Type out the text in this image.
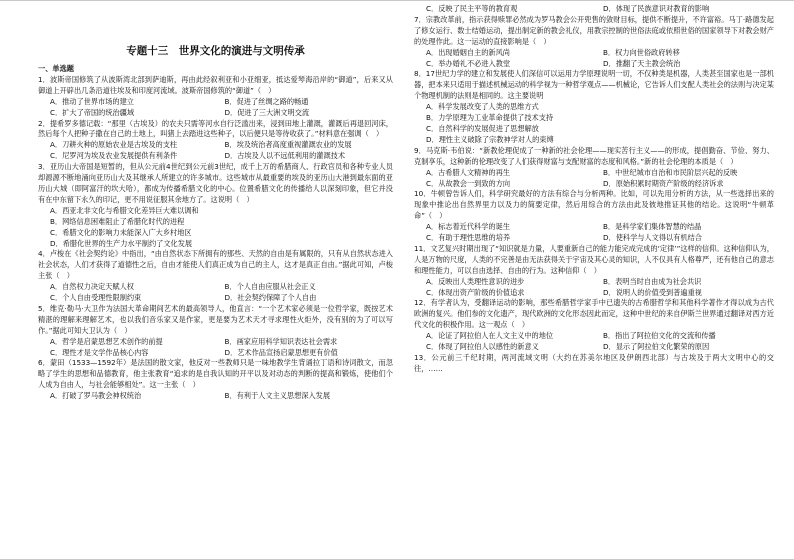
专题十三　世界文化的演进与文明传承
一、单选题

1．波斯帝国修筑了从波斯湾北部到萨迪斯，再由此经叙利亚和小亚细亚，抵达爱琴海沿岸的“御道”，后来又从御道上开辟出几条沿道往埃及和印度河流域。波斯帝国修筑的“御道”（　）

A．推动了世界市场的建立	B．促进了丝绸之路的畅通
C．扩大了帝国的统治疆域	D．促进了三大洲文明交流

2．提希罗多德记载：“那里（古埃及）的农夫只需等河水自行泛滥出来，浸到田地上灌溉，灌溉后再退回河床，然后每个人把种子撒在自己的土地上，叫猪上去踏进这些种子，以后便只是等待收获了。”材料意在强调（　）

A．刀耕火种的原始农业是古埃及的支柱	B．埃及统治者高度重视灌溉农业的发展
C．尼罗河为埃及农业发展提供有利条件	D．古埃及人以不远低利用的灌溉技术

3．亚历山大帝国是短暂的，但从公元前4世纪到公元前3世纪，成千上万的希腊商人、行政官员和各种专业人员却源源不断地涌向亚历山大及其继承人所建立的许多城市。这些城市从最重要的埃及的亚历山大港到最东面的亚历山大城（即阿富汗的坎大哈），都成为传播希腊文化的中心。位置希腊文化的传播给人以深刻印象，但它并没有在中东留下永久的印记，更不用说征服其余地方了。这说明（　）

A．西亚北非文化与希腊文化差异巨大难以调和
B．网络信息困难阻止了希腊化时代的进程
C．希腊文化的影响力未能深入广大乡村地区
D．希腊化世界的生产力水平制约了文化发展

4．卢梭在《社会契约论》中指出，“由自然状态下所拥有的那些、天然的自由是有属限的，只有从自然状态进入社会状态，人们才获得了道德性之后，自由才能使人们真正成为自己的主人，这才是真正自由。”据此可知，卢梭主张（　）

A．自然权力决定天赋人权	B．个人自由应服从社会正义
C．个人自由受理性限制约束	D．社会契约保障了个人自由

5．维克·勒马·大卫作为法国大革命期间艺术的最高领导人，他直言：“一个艺术家必须是一位哲学家，既按艺术精湛的理解来理解艺术，也以我们音乐家又是作家，更是要为艺术天才寻求理性火炬外，没有别的为了可以写作。”据此可知大卫认为（　）

A．哲学是启蒙思想艺术创作的前提	B．画家应用科学知识表达社会需求
C．理性才是文学作品核心内容	D．艺术作品宣扬启蒙思想更有价值

6．蒙田（1533—1592年）是法国的散文家，他反对一些教师只是一味地教学生背诵拉丁语和诗词散文，而忽略了学生的思想和品德教育，他主张教育“追求的是自我认知的开平以及对动态的判断的提高和锻炼，使他们个人成为自由人，与社会能够相处”。这一主张（　）

A．打破了罗马教会神权统治	B．有利于人文主义思想深入发展
C．反映了民主平等的教育观	D．体现了民族意识对教育的影响

7．宗教改革前，指示获得赎罪必然成为罗马教会公开兜售的敛财目标，提供不断提升，不许富裕。马丁·路德发起了修女运行、数士结婚运动，提出制定新的教会礼仪，用教宗控制的世俗法庭或依照世俗的国家领导下对教会财产的处理作此。这一运动的直接影响是（　）

A．出现婚姻自主的新风尚	B．权力向世俗政府转移
C．举办婚礼不必进入教堂	D．推翻了天主教会统治

8．17世纪力学的建立和发展使人们深信可以运用力学原理说明一切，不仅种类是机器，人类甚至国家也是一部机器，把本来只适用于描述机械运动的科学视为一种哲学观点——机械论，它告诉人们支配人类社会的法则与决定某个物理机制的法则是相同的。这主要说明

A．科学发展改变了人类的思维方式
B．力学原理为工业革命提供了技术支持
C．自然科学的发展促进了思想解放
D．理性主义破除了宗教神学对人的束缚

9．马克斯·韦伯说：“新教伦理促成了一种新的社会伦理——现实苦行主义——的形成，提倡勤奋、节俭、努力、克制享乐，这种新的伦理改变了人们获得财富与支配财富的态度和风格。”新的社会伦理的本质是（　）

A．古希腊人文精神的再生	B．中世纪城市自治和市民阶层兴起的反映
C．从故教会一到致的方向	D．原始积累时期资产阶级的经济诉求

10．牛顿曾告诉人们，科学研究最好的方法有综合与分析两种。比如，可以先用分析的方法，从一些选择出来的现象中推论出自然界里力以及力的简要定律，然后用综合的方法由此及彼地推证其他的结论。这说明“牛顿革命”（　）

A．标志着近代科学的诞生	B．是科学家们集体智慧的结晶
C．有助于理性思维的培养	D．使科学与人文得以有机结合

11．文艺复兴时期出现了“知识就是力量，人要重新自己的能力能完成完成的‘定律’”这样的信仰。这种信仰认为，人是万物的尺度，人类的不完善是由无法获得关于宇宙及其心灵的知识，人不仅具有人格尊严，还有他自己的意志和理性能力，可以自由选择、自由的行为。这种信仰（　）

A．反映出人类理性意识的进步	B．表明当时自由成为社会共识
C．体现出资产阶级的价值追求	D．说明人的价值受到普遍重视

12．有学者认为，受翻译运动的影响，那些希腊哲学家手中已遗失的古希腊哲学和其他科学著作才得以成为古代欧洲的复兴。他们参的文化遗产，现代欧洲的文化形态因此而定，这种中世纪的来自伊斯兰世界通过翻译对西方近代文化的积极作用。这一观点（　）

A．论证了阿拉伯人在人文主义中的地位	B．指出了阿拉伯文化的交流和传播
C．体现了阿拉伯人以感性的新意义	D．显示了阿拉伯文化繁荣的原因

13．公元前三千纪时期，两河流域文明（大约在苏美尔地区及伊朗西北部）与古埃及于两大文明中心的交往，……
